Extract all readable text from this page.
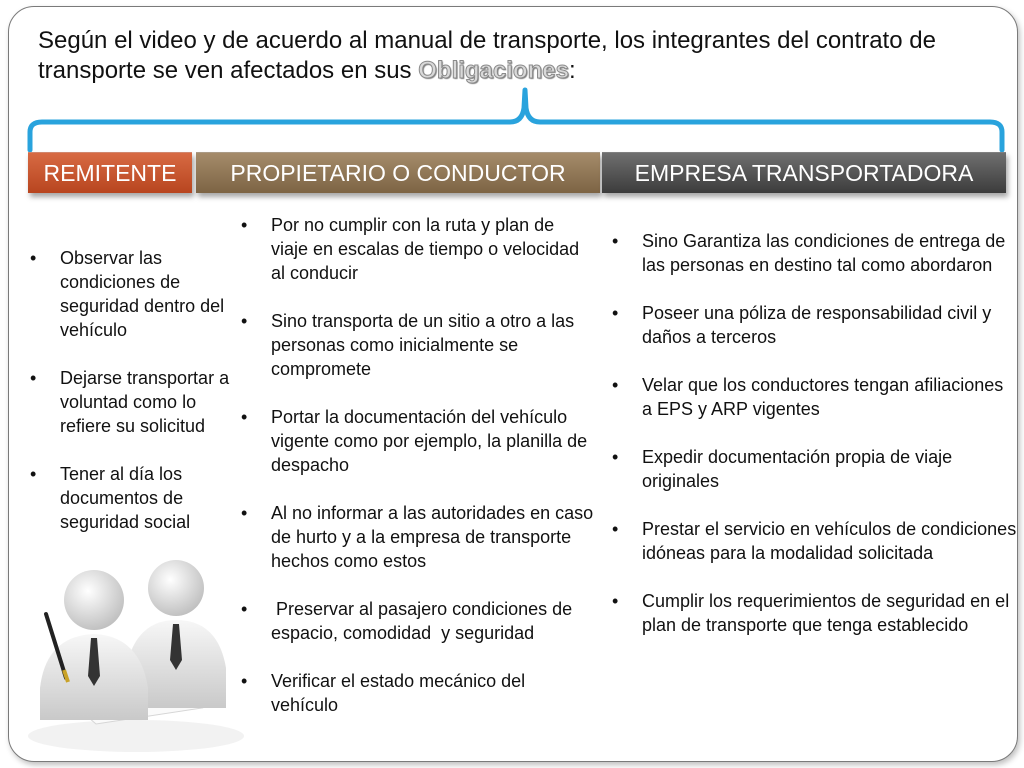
Según el video y de acuerdo al manual de transporte, los integrantes del contrato de transporte se ven afectados en sus Obligaciones:
REMITENTE	PROPIETARIO O CONDUCTOR	EMPRESA TRANSPORTADORA
•	Observar las condiciones de seguridad dentro del vehículo
•	Dejarse transportar a voluntad como lo refiere su solicitud
•	Tener al día los documentos de seguridad social
•	Por no cumplir con la ruta y plan de viaje en escalas de tiempo o velocidad al conducir
•	Sino transporta de un sitio a otro a las personas como inicialmente se compromete
•	Portar la documentación del vehículo vigente como por ejemplo, la planilla de despacho
•	Al no informar a las autoridades en caso de hurto y a la empresa de transporte hechos como estos
•	Preservar al pasajero condiciones de espacio, comodidad  y seguridad
•	Verificar el estado mecánico del vehículo
•	Sino Garantiza las condiciones de entrega de las personas en destino tal como abordaron
•	Poseer una póliza de responsabilidad civil y daños a terceros
•	Velar que los conductores tengan afiliaciones a EPS y ARP vigentes
•	Expedir documentación propia de viaje originales
•	Prestar el servicio en vehículos de condiciones idóneas para la modalidad solicitada
•	Cumplir los requerimientos de seguridad en el plan de transporte que tenga establecido
